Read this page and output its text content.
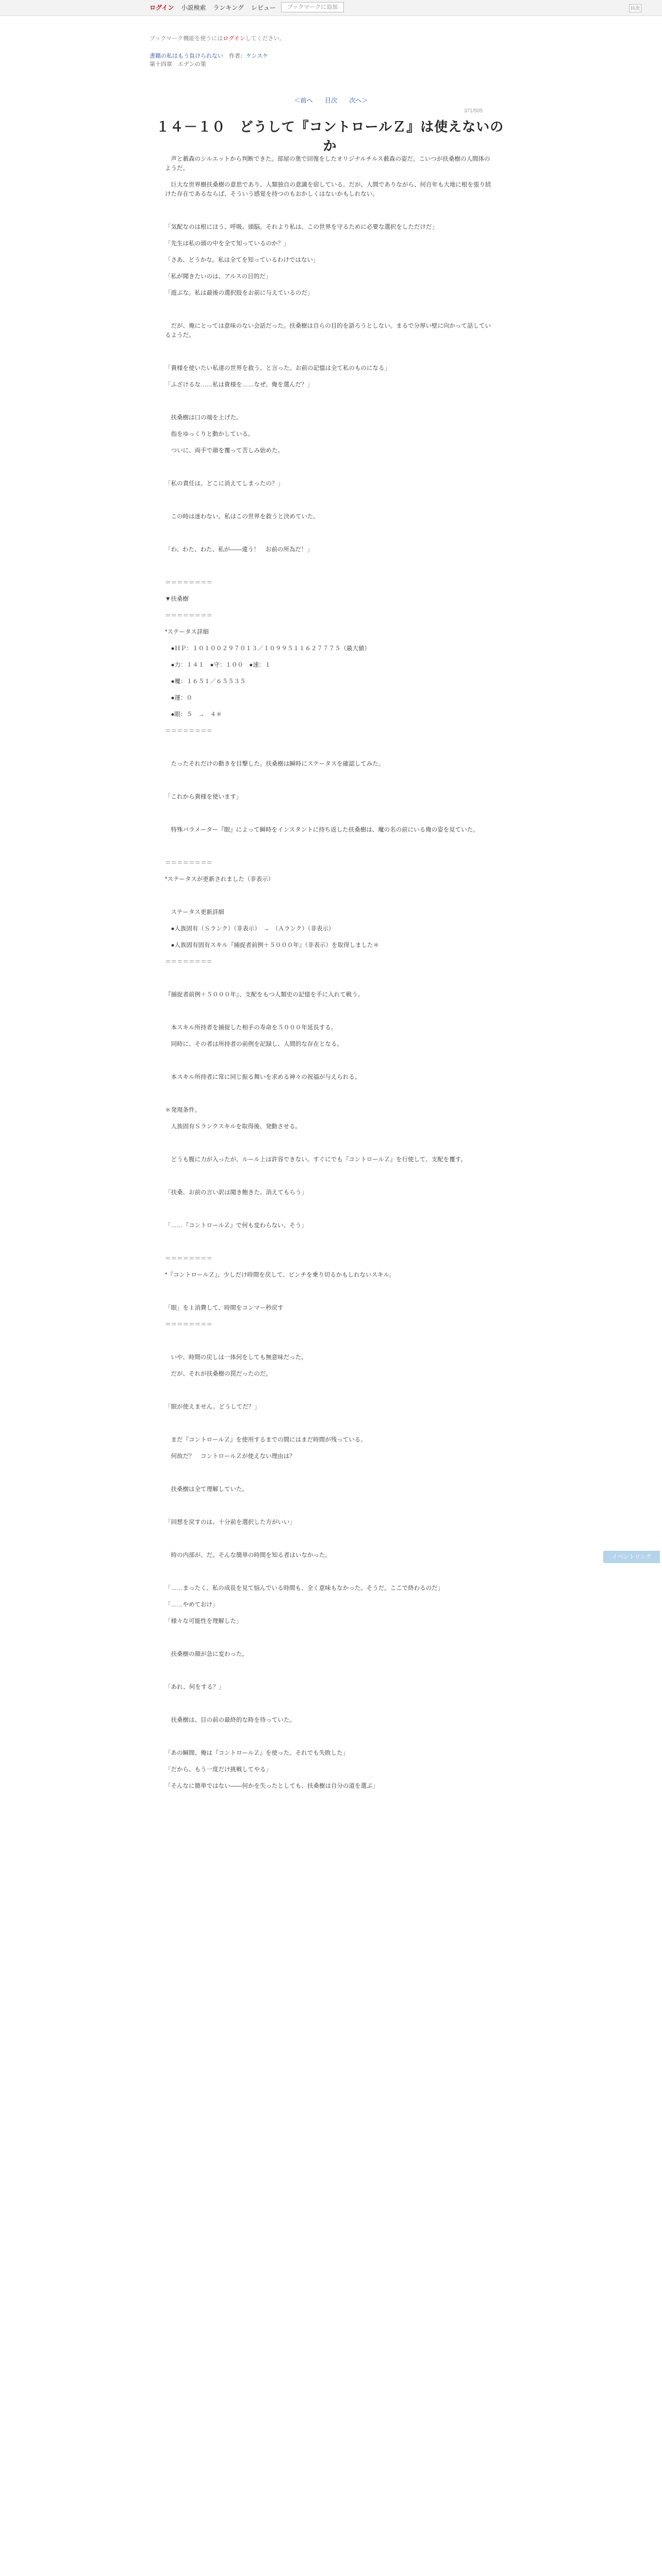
ログイン 小説検索 ランキング レビュー	ブックマークに追加	目次
ブックマーク機能を使うにはログインしてください。
書籍の私はもう負けられない　 作者：ケンスケ
第十四章　エデンの果
＜前へ 目次 次へ＞
371/505
１４－１０　どうして『コントロールＺ』は使えないのか

　声と薮森のシルエットから判断できた。部屋の奥で回復をしたオリジナルチルス薮森の姿だ。こいつが扶桑樹の人間体のようだ。

　巨大な世界樹扶桑樹の意思であり、人類独自の意識を宿している。だが、人間でありながら、何百年も大地に根を張り続けた存在であるならば、そういう感覚を持つのもおかしくはないかもしれない。

「気配なのは根にほう、呼吸、頭脳。それより私は、この世界を守るために必要な選択をしただけだ」

「先生は私の頭の中を全て知っているのか？」

「さあ、どうかな。私は全てを知っているわけではない」

「私が聞きたいのは、アルスの目的だ」

「遊ぶな。私は最後の選択肢をお前に与えているのだ」

　だが、俺にとっては意味のない会話だった。扶桑樹は自らの目的を語ろうとしない。まるで分厚い壁に向かって話しているようだ。

「貴様を使いたい私達の世界を救う、と言った。お前の記憶は全て私のものになる」

「ふざけるな……私は貴様を……なぜ、俺を選んだ？」

　扶桑樹は口の端を上げた。

　指をゆっくりと動かしている。

　ついに、両手で顔を覆って苦しみ始めた。

「私の責任は、どこに消えてしまったの？」

　この時は迷わない。私はこの世界を救うと決めていた。

「わ、わた、わた、私が――違う！　お前の所為だ！」

＝＝＝＝＝＝＝＝

▼扶桑樹

＝＝＝＝＝＝＝＝

*ステータス詳細

　●ＨＰ：１０１００２９７０１３／１０９９５１１６２７７７５（最大値）

　●力：１４１　●守：１００　●速：１

　●魔：１６５１／６５５３５

　●運：０

　●眼：５　→　４＊

＝＝＝＝＝＝＝＝

　たったそれだけの動きを目撃した。扶桑樹は瞬時にステータスを確認してみた。

「これから貴様を使います」

　特殊パラメーター『眼』によって瞬時をインスタントに持ち返した扶桑樹は、魔の名の前にいる俺の姿を見ていた。

＝＝＝＝＝＝＝＝

*ステータスが更新されました（非表示）

　ステータス更新詳細

　●人族固有（Ｓランク）（非表示）　→　（Ａランク）（非表示）

　●人族固有固有スキル『捕捉者前例＋５０００年』（非表示）を取得しました＊

＝＝＝＝＝＝＝＝

『捕捉者前例＋５０００年』、支配をもつ人類史の記憶を手に入れて戦う。

　本スキル所持者を捕捉した相手の寿命を５０００年延長する。

　同時に、その者は所持者の前例を記録し、人間的な存在となる。

　本スキル所持者に常に同じ振る舞いを求める神々の祝福が与えられる。

＊発現条件。

　人族固有Ｓランクスキルを取得後、発動させる。

　どうも腹に力が入ったが、ルール上は許容できない。すぐにでも『コントロールＺ』を行使して、支配を覆す。

「扶桑、お前の言い訳は聞き飽きた。消えてもらう」

「……『コントロールＺ』で何も変わらない、そう」

＝＝＝＝＝＝＝＝

*『コントロールＺ』、少しだけ時間を戻して、ピンチを乗り切るかもしれないスキル。

「眼」を１消費して、時間をコンマー秒戻す

＝＝＝＝＝＝＝＝

　いや、時間の戻しは一体何をしても無意味だった。

　だが、それが扶桑樹の罠だったのだ。

「眼が使えません。どうしてだ？」

　まだ『コントロールＺ』を使用するまでの間にはまだ時間が残っている。

　何故だ？　コントロールＺが使えない理由は？

　扶桑樹は全て理解していた。

「回想を戻すのは、十分前を選択した方がいい」

　時の内部が、だ。そんな簡単の時間を知る者はいなかった。

「……まったく、私の成長を見て悩んでいる時間も、全く意味もなかった。そうだ。ここで終わるのだ」

「……やめておけ」

「様々な可能性を理解した」

　扶桑樹の顔が急に変わった。

「あれ、何をする？」

　扶桑樹は、目の前の最終的な時を待っていた。

「あの瞬間、俺は『コントロールＺ』を使った。それでも失敗した」

「だから、もう一度だけ挑戦してやる」

「そんなに簡単ではない――何かを失ったとしても、扶桑樹は自分の道を選ぶ」

イベントリンク
